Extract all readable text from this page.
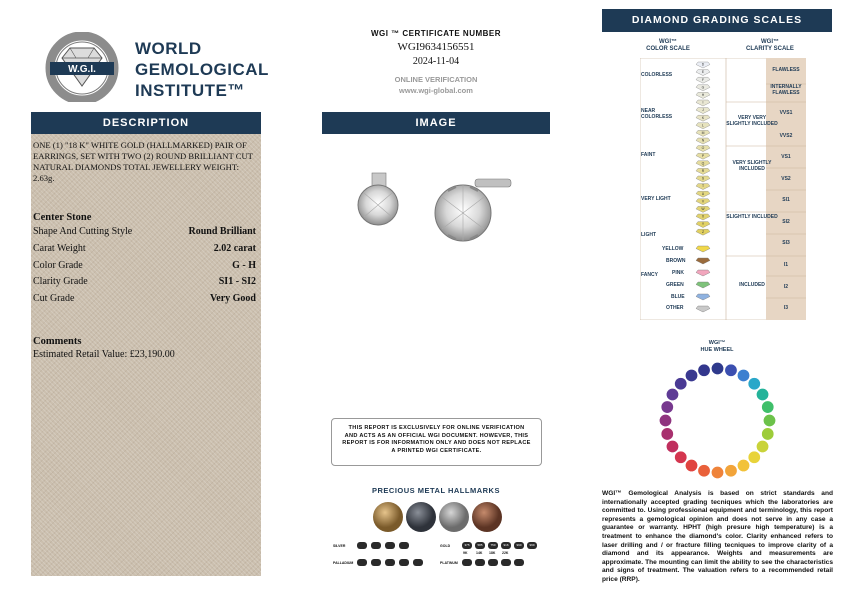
W.G.I.
WORLD
GEMOLOGICAL
INSTITUTE™
DESCRIPTION
ONE (1) "18 K" WHITE GOLD (HALLMARKED) PAIR OF EARRINGS, SET WITH TWO (2) ROUND BRILLIANT CUT NATURAL DIAMONDS TOTAL JEWELLERY WEIGHT: 2.63g.
Center Stone
Shape And Cutting Style	Round Brilliant
Carat Weight	2.02 carat
Color Grade	G - H
Clarity Grade	SI1 - SI2
Cut Grade	Very Good
Comments
Estimated Retail Value: £23,190.00
WGI ™ CERTIFICATE NUMBER
WGI9634156551
2024-11-04
ONLINE VERIFICATION
www.wgi-global.com
IMAGE
THIS REPORT IS EXCLUSIVELY FOR ONLINE VERIFICATION AND ACTS AS AN OFFICIAL WGI DOCUMENT. HOWEVER, THIS REPORT IS FOR INFORMATION ONLY AND DOES NOT REPLACE A PRINTED WGI CERTIFICATE.
PRECIOUS METAL HALLMARKS
SILVER
PALLADIUM
GOLD
PLATINUM
375	585	750	916	990	999
9K 14K 18K 22K
DIAMOND GRADING SCALES
WGI™
COLOR SCALE
WGI™
CLARITY SCALE
D
E
F
G
H
I
J
K
L
M
N
O
P
Q
R
S
T
U
V
W
X
Y
Z
COLORLESS
NEAR COLORLESS
FAINT
VERY LIGHT
LIGHT
FANCY
YELLOW
BROWN
PINK
GREEN
BLUE
OTHER
VERY VERY SLIGHTLY INCLUDED
VERY SLIGHTLY INCLUDED
SLIGHTLY INCLUDED
INCLUDED
FLAWLESS
INTERNALLY FLAWLESS
VVS1
VVS2
VS1
VS2
SI1
SI2
SI3
I1
I2
I3
WGI™
HUE WHEEL
WGI™ Gemological Analysis is based on strict standards and internationally accepted grading tecniques which the laboratories are committed to. Using professional equipment and terminology, this report represents a gemological opinion and does not serve in any case a guarantee or warranty. HPHT (high presure high temperature) is a treatment to enhance the diamond's color. Clarity enhanced refers to laser drilling and / or fracture filling tecniques to improve clarity of a diamond and its appearance. Weights and measurements are approximate. The mounting can limit the ability to see the characteristics and signs of treatment. The valuation refers to a recommended retail price (RRP).
